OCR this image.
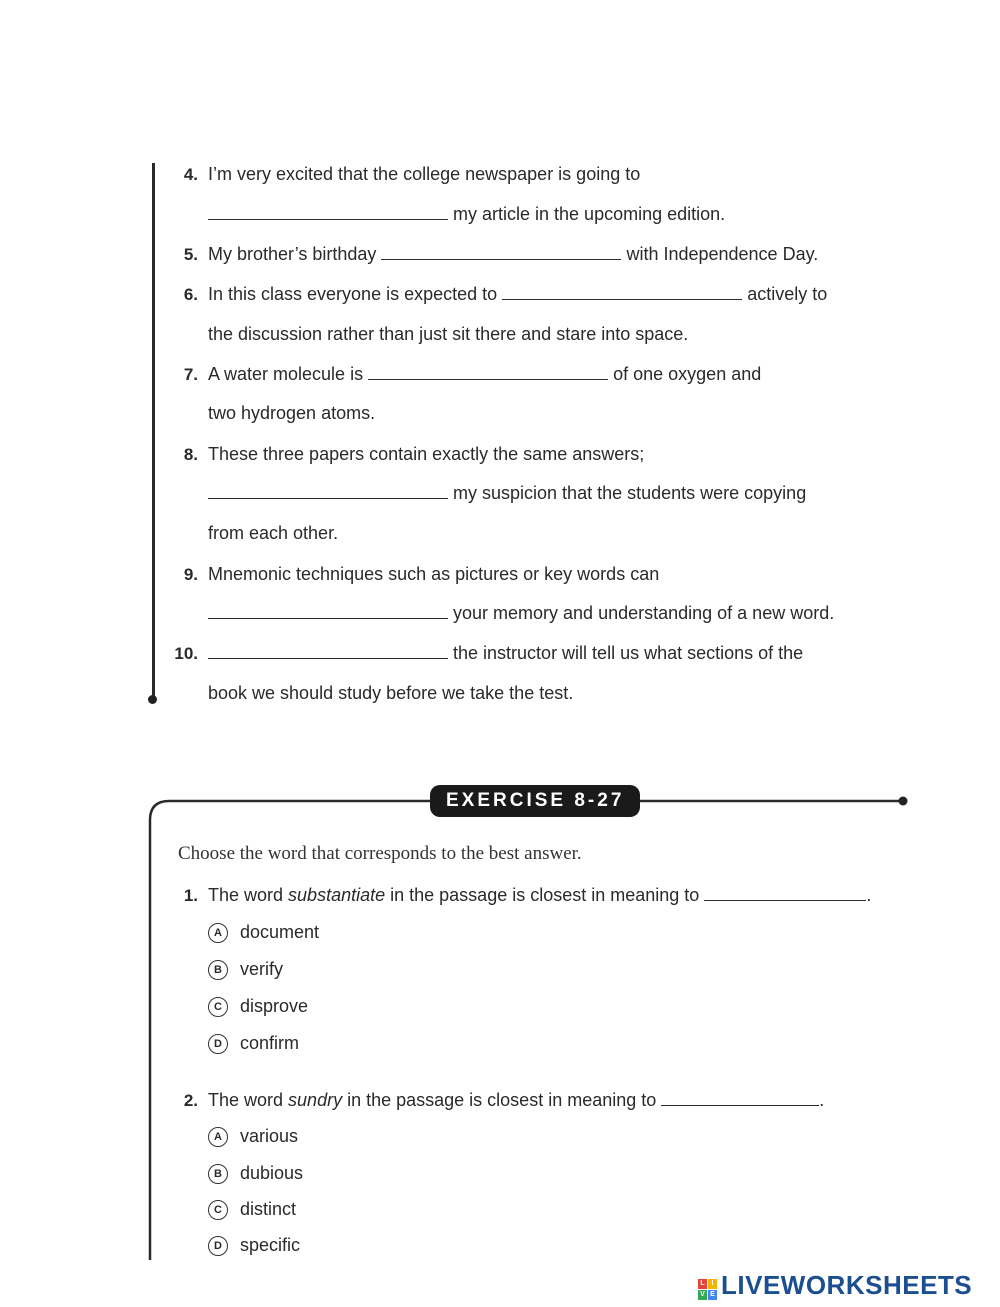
4. I’m very excited that the college newspaper is going to
my article in the upcoming edition.
5. My brother’s birthday	with Independence Day.
6. In this class everyone is expected to	actively to
the discussion rather than just sit there and stare into space.
7. A water molecule is	of one oxygen and
two hydrogen atoms.
8. These three papers contain exactly the same answers;
my suspicion that the students were copying
from each other.
9. Mnemonic techniques such as pictures or key words can
your memory and understanding of a new word.
10.	the instructor will tell us what sections of the
book we should study before we take the test.
EXERCISE 8-27
Choose the word that corresponds to the best answer.
1. The word substantiate in the passage is closest in meaning to	.
A document
B verify
C disprove
D confirm
2. The word sundry in the passage is closest in meaning to	.
A various
B dubious
C distinct
D specific
L I
V E LIVEWORKSHEETS
